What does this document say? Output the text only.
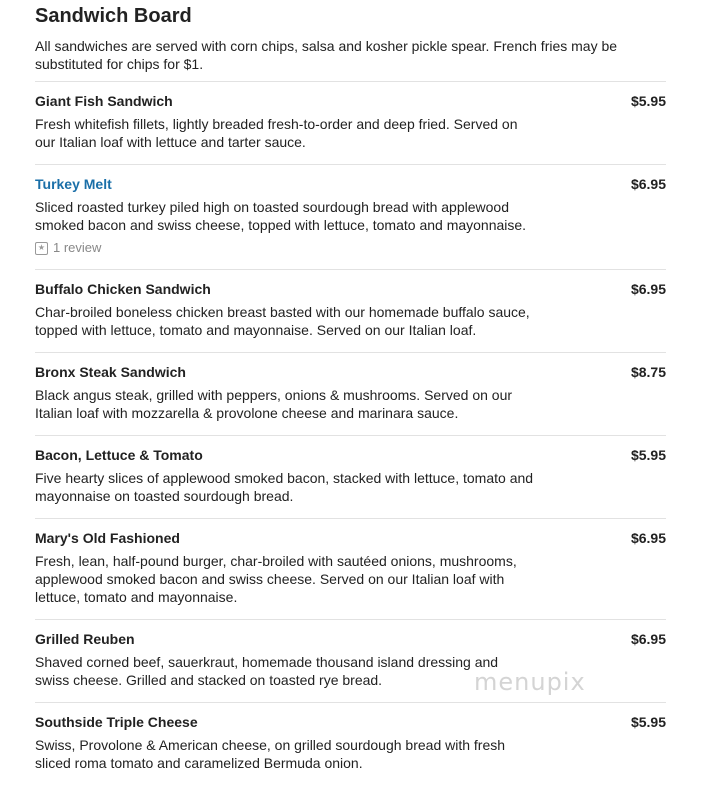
Sandwich Board
All sandwiches are served with corn chips, salsa and kosher pickle spear. French fries may be substituted for chips for $1.
Giant Fish Sandwich	$5.95
Fresh whitefish fillets, lightly breaded fresh-to-order and deep fried. Served on our Italian loaf with lettuce and tarter sauce.
Turkey Melt	$6.95
Sliced roasted turkey piled high on toasted sourdough bread with applewood smoked bacon and swiss cheese, topped with lettuce, tomato and mayonnaise.
★ 1 review
Buffalo Chicken Sandwich	$6.95
Char-broiled boneless chicken breast basted with our homemade buffalo sauce, topped with lettuce, tomato and mayonnaise. Served on our Italian loaf.
Bronx Steak Sandwich	$8.75
Black angus steak, grilled with peppers, onions & mushrooms. Served on our Italian loaf with mozzarella & provolone cheese and marinara sauce.
Bacon, Lettuce & Tomato	$5.95
Five hearty slices of applewood smoked bacon, stacked with lettuce, tomato and mayonnaise on toasted sourdough bread.
Mary's Old Fashioned	$6.95
Fresh, lean, half-pound burger, char-broiled with sautéed onions, mushrooms, applewood smoked bacon and swiss cheese. Served on our Italian loaf with lettuce, tomato and mayonnaise.
Grilled Reuben	$6.95
Shaved corned beef, sauerkraut, homemade thousand island dressing and swiss cheese. Grilled and stacked on toasted rye bread.
Southside Triple Cheese	$5.95
Swiss, Provolone & American cheese, on grilled sourdough bread with fresh sliced roma tomato and caramelized Bermuda onion.
menupix
